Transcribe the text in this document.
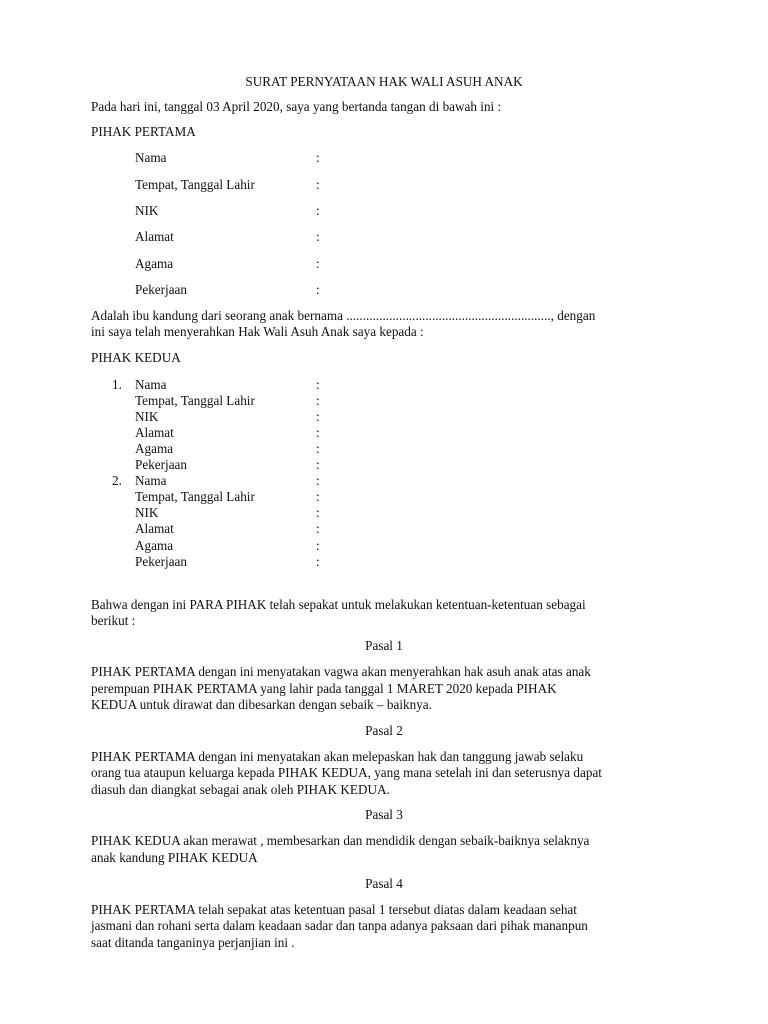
SURAT PERNYATAAN HAK WALI ASUH ANAK
Pada hari ini, tanggal 03 April 2020, saya yang bertanda tangan di bawah ini :
PIHAK PERTAMA
Nama	:
Tempat, Tanggal Lahir	:
NIK	:
Alamat	:
Agama	:
Pekerjaan	:
Adalah ibu kandung dari seorang anak bernama .............................................................., dengan
ini saya telah menyerahkan Hak Wali Asuh Anak saya kepada :
PIHAK KEDUA
1. Nama	:
Tempat, Tanggal Lahir	:
NIK	:
Alamat	:
Agama	:
Pekerjaan	:
2. Nama	:
Tempat, Tanggal Lahir	:
NIK	:
Alamat	:
Agama	:
Pekerjaan	:
Bahwa dengan ini PARA PIHAK telah sepakat untuk melakukan ketentuan-ketentuan sebagai
berikut :
Pasal 1
PIHAK PERTAMA dengan ini menyatakan vagwa akan menyerahkan hak asuh anak atas anak
perempuan PIHAK PERTAMA yang lahir pada tanggal 1 MARET 2020 kepada PIHAK
KEDUA untuk dirawat dan dibesarkan dengan sebaik – baiknya.
Pasal 2
PIHAK PERTAMA dengan ini menyatakan akan melepaskan hak dan tanggung jawab selaku
orang tua ataupun keluarga kepada PIHAK KEDUA, yang mana setelah ini dan seterusnya dapat
diasuh dan diangkat sebagai anak oleh PIHAK KEDUA.
Pasal 3
PIHAK KEDUA akan merawat , membesarkan dan mendidik dengan sebaik-baiknya selaknya
anak kandung PIHAK KEDUA
Pasal 4
PIHAK PERTAMA telah sepakat atas ketentuan pasal 1 tersebut diatas dalam keadaan sehat
jasmani dan rohani serta dalam keadaan sadar dan tanpa adanya paksaan dari pihak mananpun
saat ditanda tanganinya perjanjian ini .
